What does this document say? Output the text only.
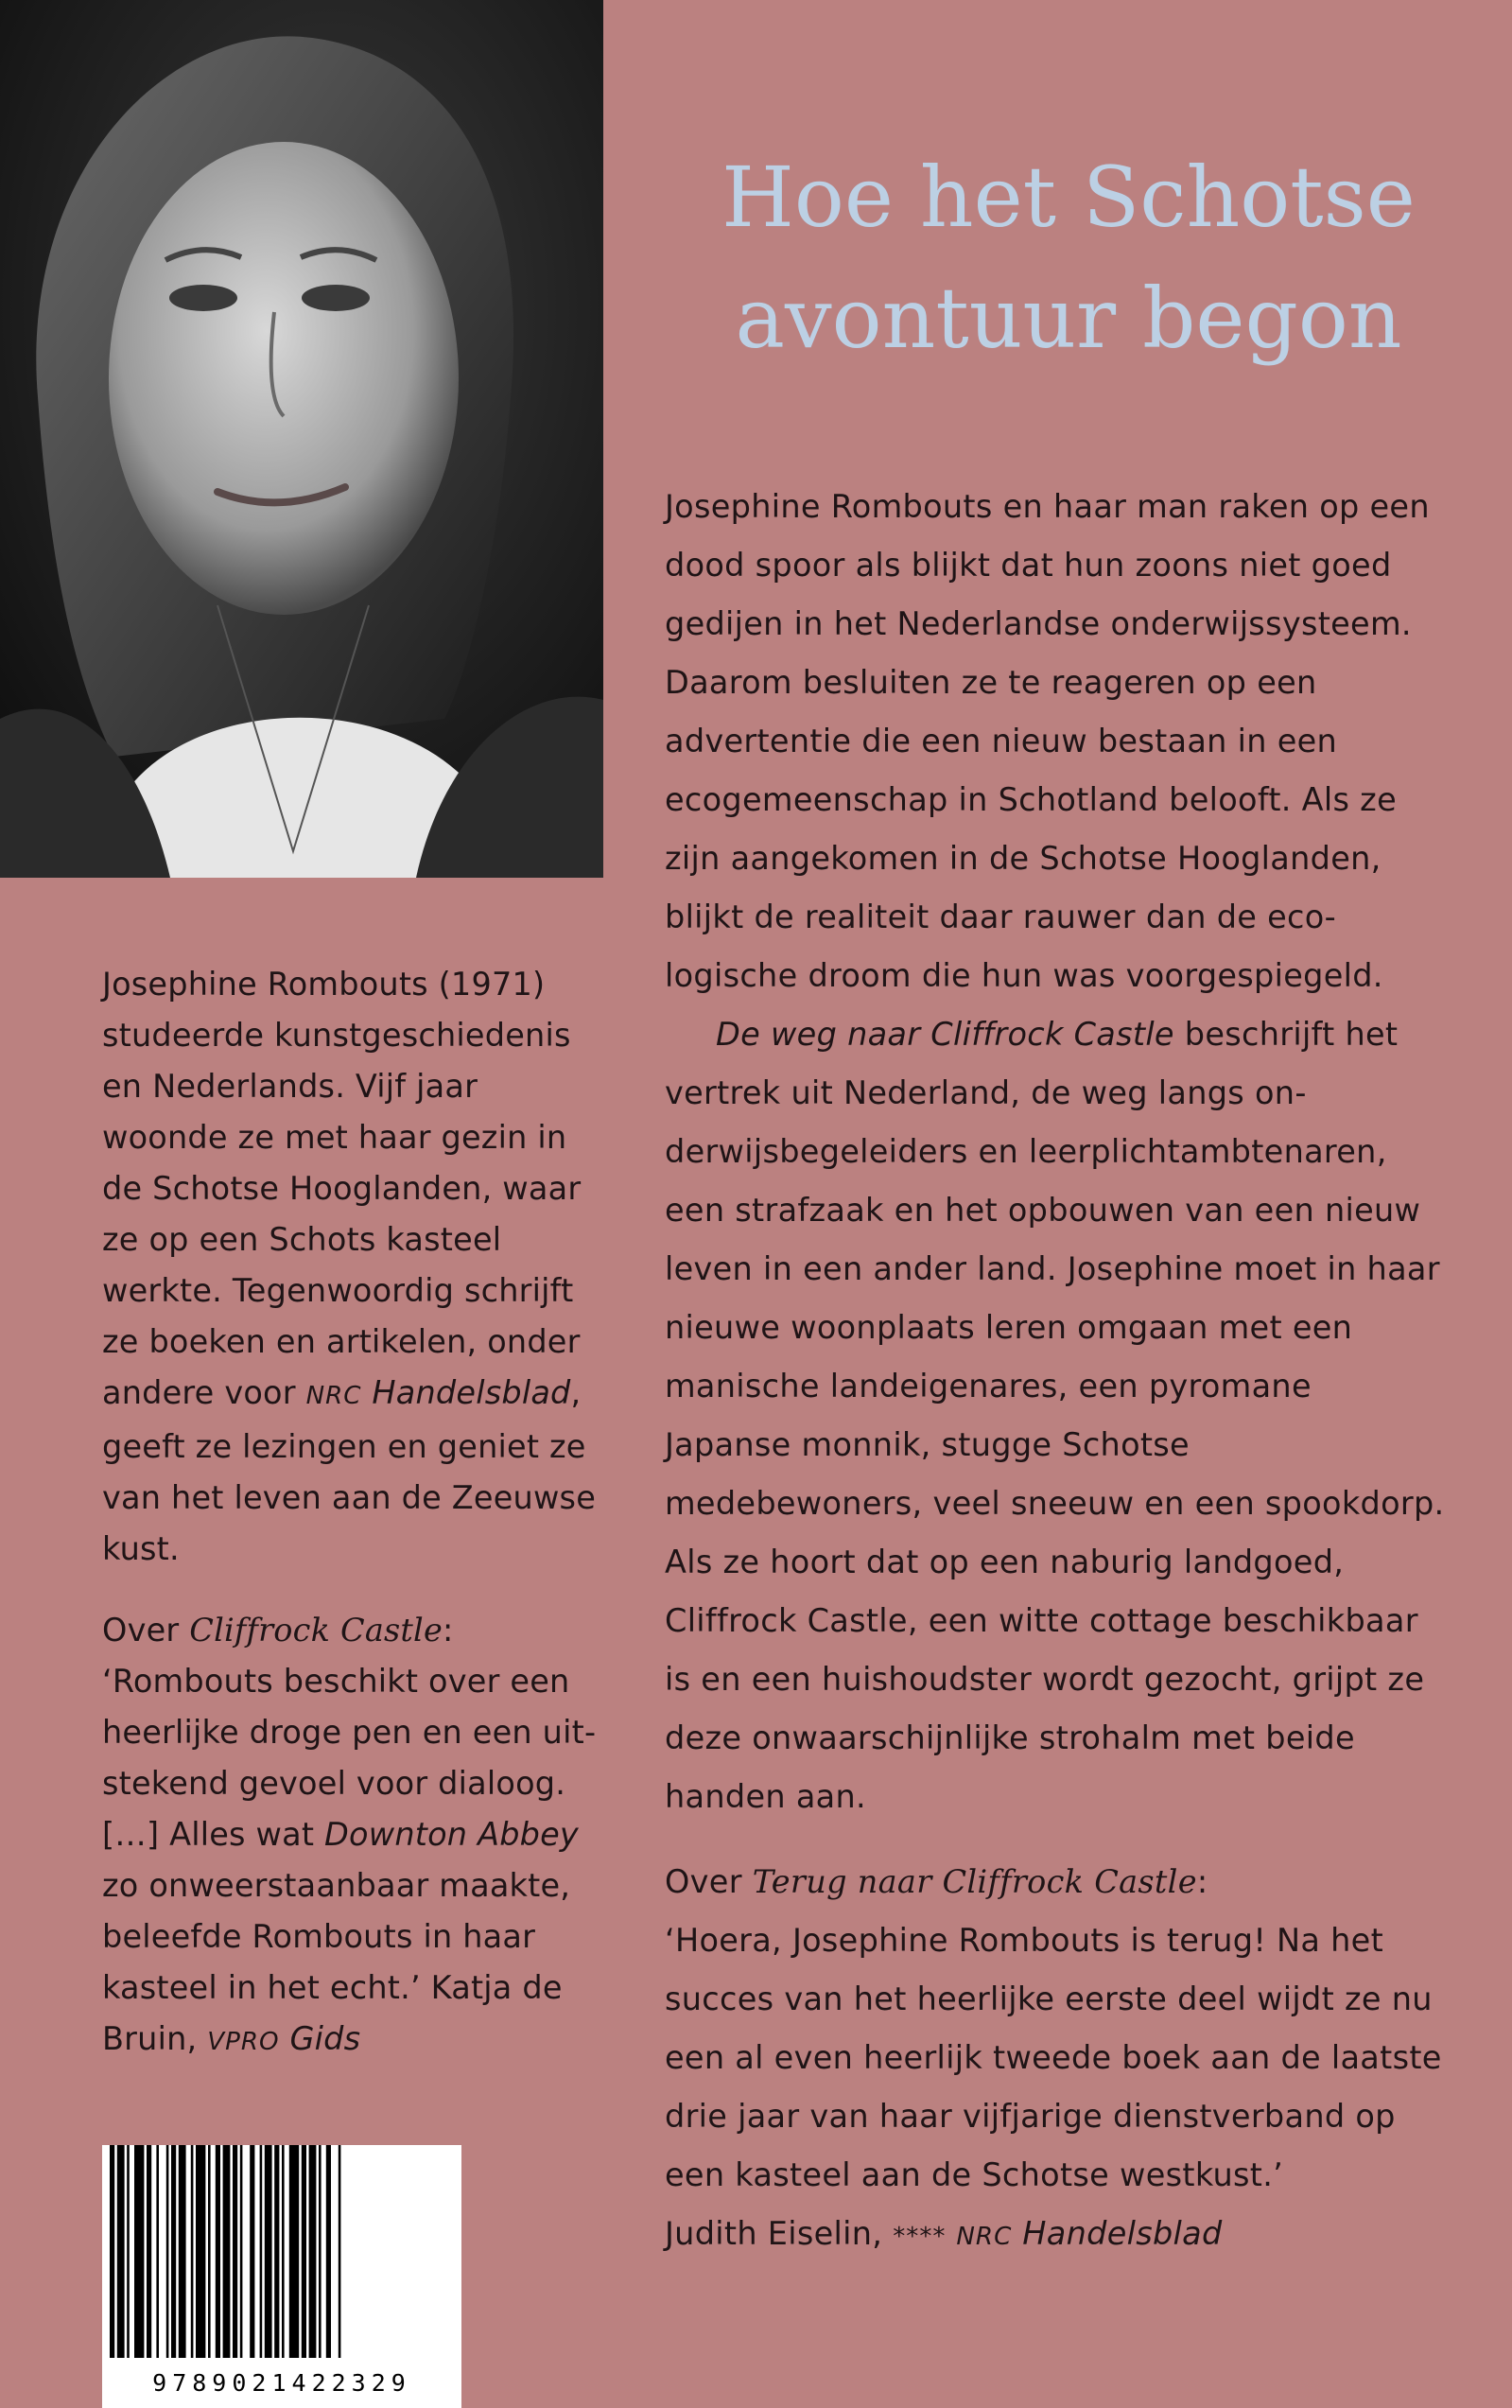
Hoe het Schotse
avontuur begon

Josephine Rombouts en haar man raken op een dood spoor als blijkt dat hun zoons niet goed gedijen in het Nederlandse onderwijssysteem. Daarom besluiten ze te reageren op een advertentie die een nieuw bestaan in een ecogemeenschap in Schotland belooft. Als ze zijn aangekomen in de Schotse Hooglanden, blijkt de realiteit daar rauwer dan de ecologische droom die hun was voorgespiegeld.

De weg naar Cliffrock Castle beschrijft het vertrek uit Nederland, de weg langs onderwijsbegeleiders en leerplichtambtenaren, een strafzaak en het opbouwen van een nieuw leven in een ander land. Josephine moet in haar nieuwe woonplaats leren omgaan met een manische landeigenares, een pyromane Japanse monnik, stugge Schotse medebewoners, veel sneeuw en een spookdorp. Als ze hoort dat op een naburig landgoed, Cliffrock Castle, een witte cottage beschikbaar is en een huishoudster wordt gezocht, grijpt ze deze onwaarschijnlijke strohalm met beide handen aan.

Over Terug naar Cliffrock Castle:
‘Hoera, Josephine Rombouts is terug! Na het succes van het heerlijke eerste deel wijdt ze nu een al even heerlijk tweede boek aan de laatste drie jaar van haar vijfjarige dienstverband op een kasteel aan de Schotse westkust.’
Judith Eiselin, **** NRC Handelsblad

Josephine Rombouts (1971) studeerde kunstgeschiedenis en Nederlands. Vijf jaar woonde ze met haar gezin in de Schotse Hooglanden, waar ze op een Schots kasteel werkte. Tegenwoordig schrijft ze boeken en artikelen, onder andere voor NRC Handelsblad, geeft ze lezingen en geniet ze van het leven aan de Zeeuwse kust.

Over Cliffrock Castle:
‘Rombouts beschikt over een heerlijke droge pen en een uitstekend gevoel voor dialoog. […] Alles wat Downton Abbey zo onweerstaanbaar maakte, beleefde Rombouts in haar kasteel in het echt.’ Katja de Bruin, VPRO Gids

9789021422329
